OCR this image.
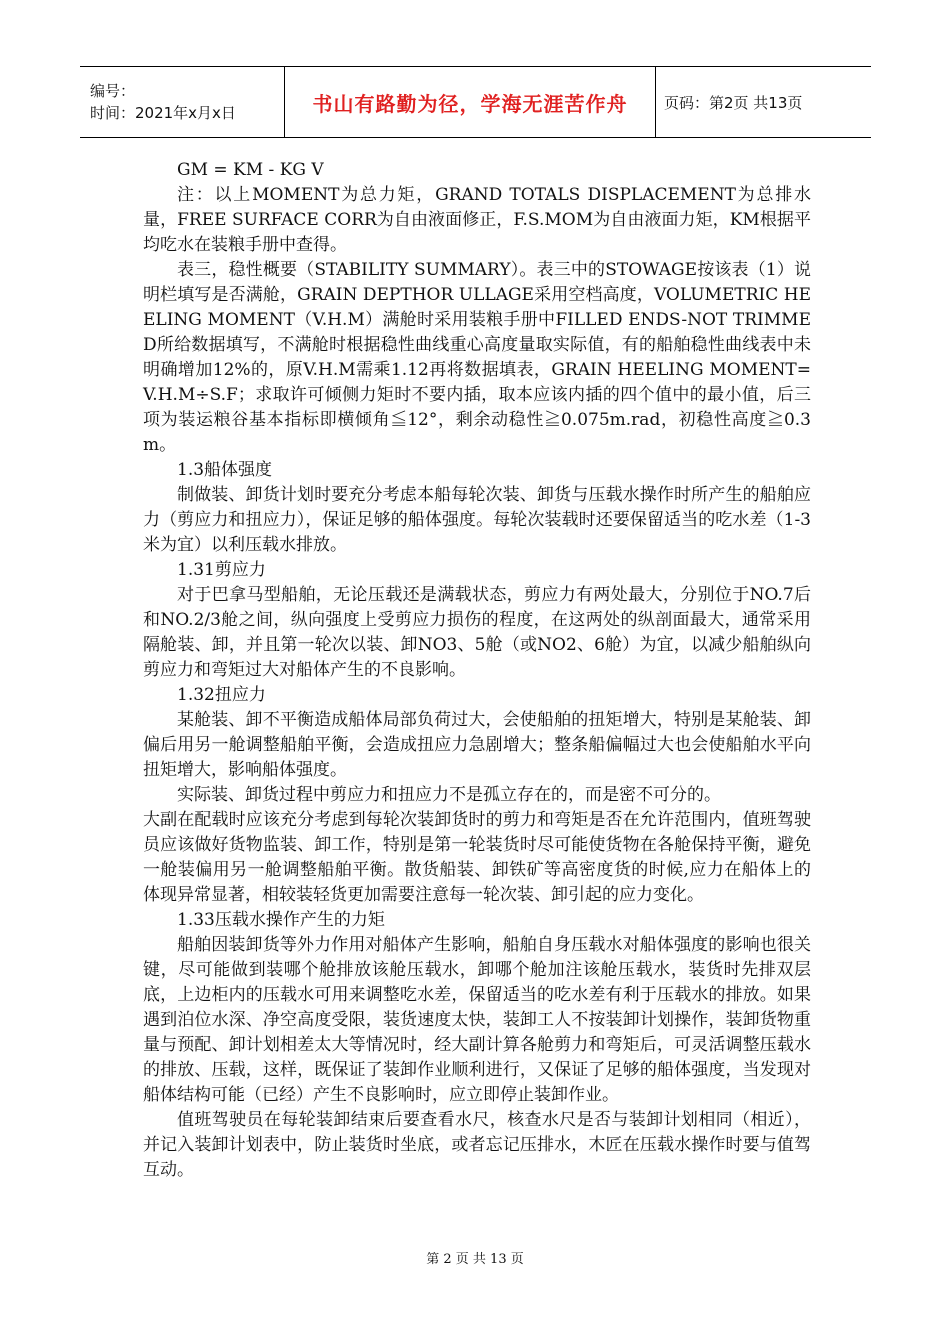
编号：
时间：2021年x月x日	书山有路勤为径，学海无涯苦作舟	页码：第2页 共13页

GM = KM - KG V

注：以上MOMENT为总力矩，GRAND TOTALS DISPLACEMENT为总排水量，FREE SURFACE CORR为自由液面修正，F.S.MOM为自由液面力矩，KM根据平均吃水在装粮手册中查得。

表三，稳性概要（STABILITY SUMMARY）。表三中的STOWAGE按该表（1）说明栏填写是否满舱，GRAIN DEPTHOR ULLAGE采用空档高度，VOLUMETRIC HEELING MOMENT（V.H.M）满舱时采用装粮手册中FILLED ENDS-NOT TRIMMED所给数据填写，不满舱时根据稳性曲线重心高度量取实际值，有的船舶稳性曲线表中未明确增加12%的，原V.H.M需乘1.12再将数据填表，GRAIN HEELING MOMENT=V.H.M÷S.F；求取许可倾侧力矩时不要内插，取本应该内插的四个值中的最小值，后三项为装运粮谷基本指标即横倾角≦12°，剩余动稳性≧0.075m.rad，初稳性高度≧0.3m。

1.3船体强度

制做装、卸货计划时要充分考虑本船每轮次装、卸货与压载水操作时所产生的船舶应力（剪应力和扭应力），保证足够的船体强度。每轮次装载时还要保留适当的吃水差（1-3米为宜）以利压载水排放。

1.31剪应力

对于巴拿马型船舶，无论压载还是满载状态，剪应力有两处最大，分别位于NO.7后和NO.2/3舱之间，纵向强度上受剪应力损伤的程度，在这两处的纵剖面最大，通常采用隔舱装、卸，并且第一轮次以装、卸NO3、5舱（或NO2、6舱）为宜，以减少船舶纵向剪应力和弯矩过大对船体产生的不良影响。

1.32扭应力

某舱装、卸不平衡造成船体局部负荷过大，会使船舶的扭矩增大，特别是某舱装、卸偏后用另一舱调整船舶平衡，会造成扭应力急剧增大；整条船偏幅过大也会使船舶水平向扭矩增大，影响船体强度。

实际装、卸货过程中剪应力和扭应力不是孤立存在的，而是密不可分的。

大副在配载时应该充分考虑到每轮次装卸货时的剪力和弯矩是否在允许范围内，值班驾驶员应该做好货物监装、卸工作，特别是第一轮装货时尽可能使货物在各舱保持平衡，避免一舱装偏用另一舱调整船舶平衡。散货船装、卸铁矿等高密度货的时候,应力在船体上的体现异常显著，相较装轻货更加需要注意每一轮次装、卸引起的应力变化。

1.33压载水操作产生的力矩

船舶因装卸货等外力作用对船体产生影响，船舶自身压载水对船体强度的影响也很关键，尽可能做到装哪个舱排放该舱压载水，卸哪个舱加注该舱压载水，装货时先排双层底，上边柜内的压载水可用来调整吃水差，保留适当的吃水差有利于压载水的排放。如果遇到泊位水深、净空高度受限，装货速度太快，装卸工人不按装卸计划操作，装卸货物重量与预配、卸计划相差太大等情况时，经大副计算各舱剪力和弯矩后，可灵活调整压载水的排放、压载，这样，既保证了装卸作业顺利进行，又保证了足够的船体强度，当发现对船体结构可能（已经）产生不良影响时，应立即停止装卸作业。

值班驾驶员在每轮装卸结束后要查看水尺，核查水尺是否与装卸计划相同（相近），并记入装卸计划表中，防止装货时坐底，或者忘记压排水，木匠在压载水操作时要与值驾互动。

第 2 页 共 13 页
